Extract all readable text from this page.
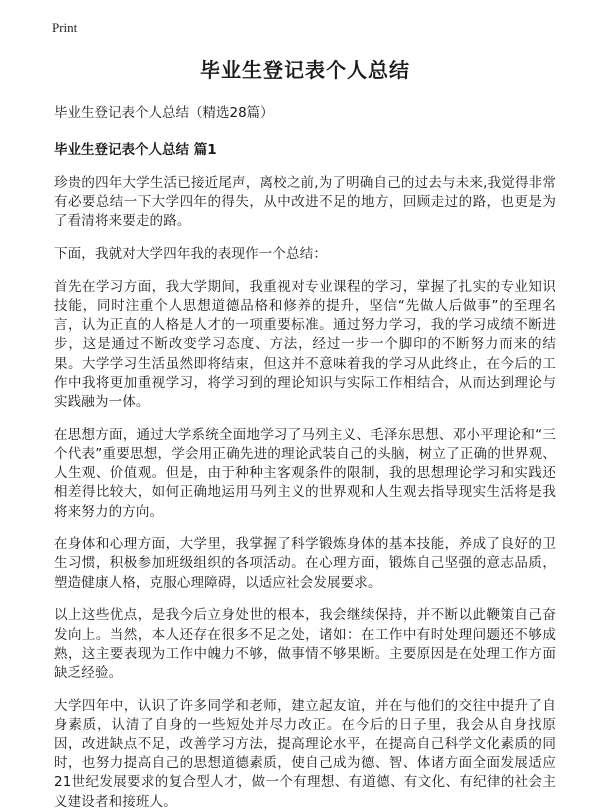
Print
毕业生登记表个人总结
毕业生登记表个人总结（精选28篇）
毕业生登记表个人总结 篇1

珍贵的四年大学生活已接近尾声，离校之前,为了明确自己的过去与未来,我觉得非常有必要总结一下大学四年的得失，从中改进不足的地方，回顾走过的路，也更是为了看清将来要走的路。

下面，我就对大学四年我的表现作一个总结：

首先在学习方面，我大学期间，我重视对专业课程的学习，掌握了扎实的专业知识技能，同时注重个人思想道德品格和修养的提升，坚信“先做人后做事”的至理名言，认为正直的人格是人才的一项重要标准。通过努力学习，我的学习成绩不断进步，这是通过不断改变学习态度、方法，经过一步一个脚印的不断努力而来的结果。大学学习生活虽然即将结束，但这并不意味着我的学习从此终止，在今后的工作中我将更加重视学习，将学习到的理论知识与实际工作相结合，从而达到理论与实践融为一体。

在思想方面，通过大学系统全面地学习了马列主义、毛泽东思想、邓小平理论和“三个代表”重要思想，学会用正确先进的理论武装自己的头脑，树立了正确的世界观、人生观、价值观。但是，由于种种主客观条件的限制，我的思想理论学习和实践还相差得比较大，如何正确地运用马列主义的世界观和人生观去指导现实生活将是我将来努力的方向。

在身体和心理方面，大学里，我掌握了科学锻炼身体的基本技能，养成了良好的卫生习惯，积极参加班级组织的各项活动。在心理方面，锻炼自己坚强的意志品质，塑造健康人格，克服心理障碍，以适应社会发展要求。

以上这些优点，是我今后立身处世的根本，我会继续保持，并不断以此鞭策自己奋发向上。当然，本人还存在很多不足之处，诸如：在工作中有时处理问题还不够成熟，这主要表现为工作中魄力不够，做事情不够果断。主要原因是在处理工作方面缺乏经验。

大学四年中，认识了许多同学和老师，建立起友谊，并在与他们的交往中提升了自身素质，认清了自身的一些短处并尽力改正。在今后的日子里，我会从自身找原因，改进缺点不足，改善学习方法，提高理论水平，在提高自己科学文化素质的同时，也努力提高自己的思想道德素质，使自己成为德、智、体诸方面全面发展适应21世纪发展要求的复合型人才，做一个有理想、有道德、有文化、有纪律的社会主义建设者和接班人。
